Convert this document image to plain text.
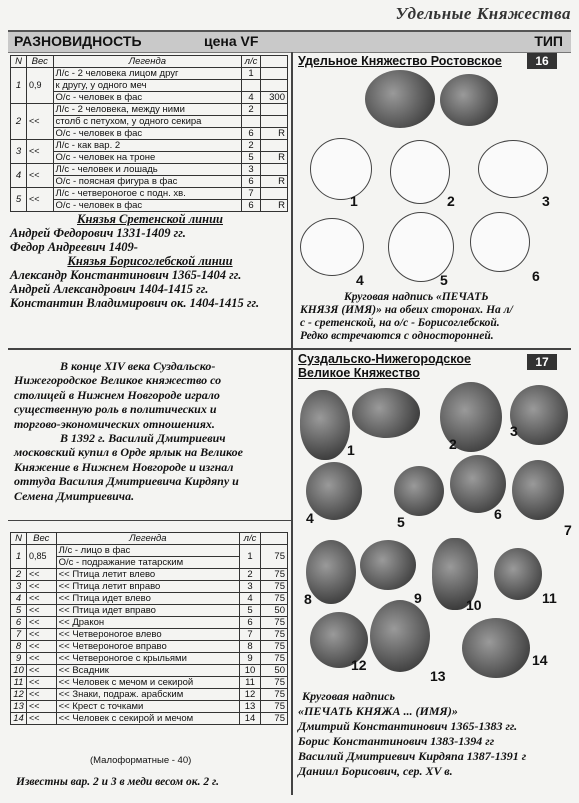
Удельные Княжества
РАЗНОВИДНОСТЬ	цена VF	ТИП
N	Вес	Легенда	л/с	
1	0,9	Л/с - 2 человека лицом друг	1	
		к другу, у одного меч		
		О/с - человек в фас	4	300
2	<<	Л/с - 2 человека, между ними	2	
		столб с петухом, у одного секира		
		О/с - человек в фас	6	R
3	<<	Л/с - как вар. 2	2	
		О/с - человек на троне	5	R
4	<<	Л/с - человек и лошадь	3	
		О/с - поясная фигура в фас	6	R
5	<<	Л/с - четвероногое с подн. хв.	7	
		О/с - человек в фас	6	R
Князья Сретенской линии
Андрей Федорович 1331-1409 гг.
Федор Андреевич 1409-
Князья Борисоглебской линии
Александр Константинович 1365-1404 гг.
Андрей Александрович 1404-1415 гг.
Константин Владимирович ок. 1404-1415 гг.
Удельное Княжество Ростовское	16
1	2	3
4	5	6
Круговая надпись «ПЕЧАТЬ
КНЯЗЯ (ИМЯ)» на обеих сторонах. На л/
с - сретенской, на о/с - Борисоглебской.
Редко встречаются с односторонней.
В конце XIV века Суздальско-
Нижегородское Великое княжество со
столицей в Нижнем Новгороде играло
существенную роль в политических и
торгово-экономических отношениях.
В 1392 г. Василий Дмитриевич
московский купил в Орде ярлык на Великое
Княжение в Нижнем Новгороде и изгнал
оттуда Василия Дмитриевича Кирдяпу и
Семена Дмитриевича.
N	Вес	Легенда	л/с	
1	0,85	Л/с - лицо в фас	1	75
		О/с - подражание татарским		
2	<<	<< Птица летит влево	2	75
3	<<	<< Птица летит вправо	3	75
4	<<	<< Птица идет влево	4	75
5	<<	<< Птица идет вправо	5	50
6	<<	<< Дракон	6	75
7	<<	<< Четвероногое влево	7	75
8	<<	<< Четвероногое вправо	8	75
9	<<	<< Четвероногое с крыльями	9	75
10	<<	<< Всадник	10	50
11	<<	<< Человек с мечом и секирой	11	75
12	<<	<< Знаки, подраж. арабским	12	75
13	<<	<< Крест с точками	13	75
14	<<	<< Человек с секирой и мечом	14	75
(Малоформатные - 40)
Известны вар. 2 и 3 в меди весом ок. 2 г.
Суздальско-Нижегородское
Великое Княжество
17
1	2
3
4	5	6
7
8	9	10	11
12
13
14
Круговая надпись
«ПЕЧАТЬ КНЯЖА ... (ИМЯ)»
Дмитрий Константинович 1365-1383 гг.
Борис Константинович 1383-1394 гг
Василий Дмитриевич Кирдяпа 1387-1391 г
Даниил Борисович, сер. XV в.
